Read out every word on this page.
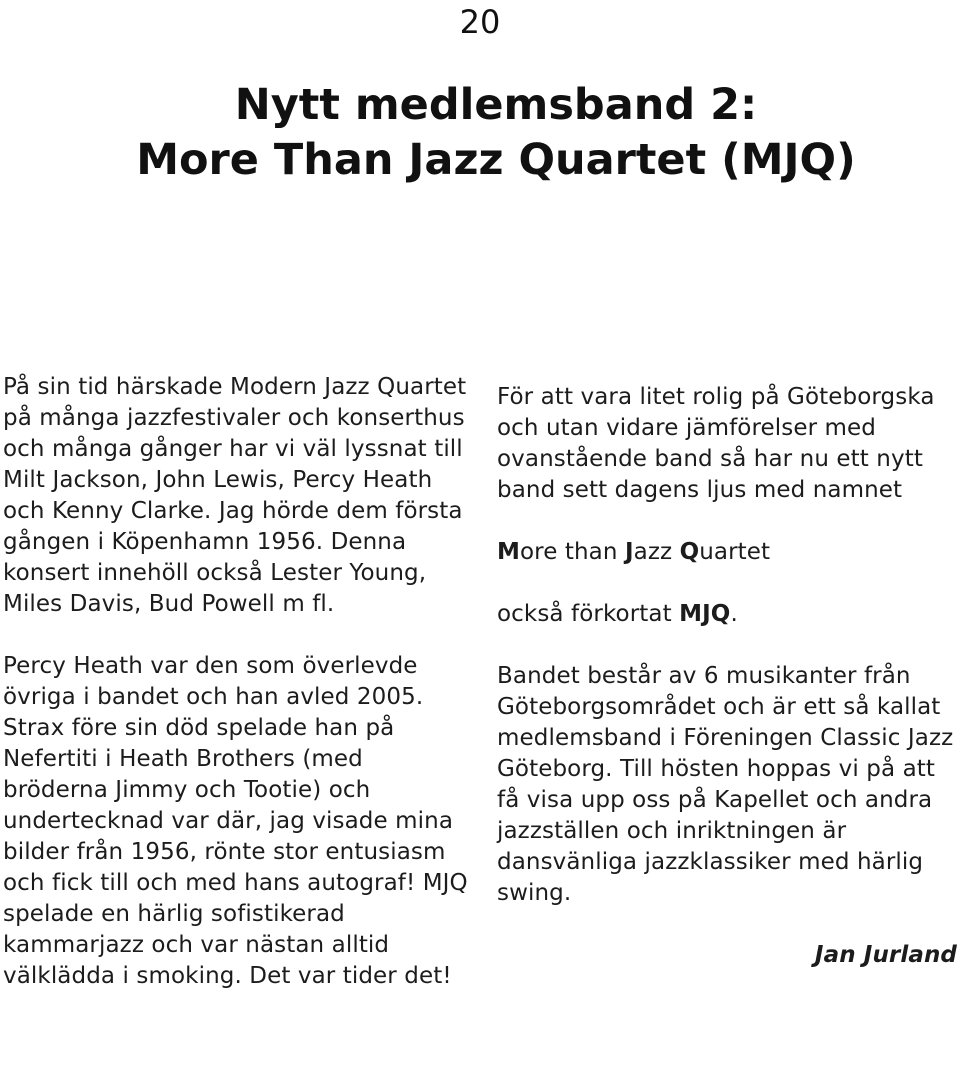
20
Nytt medlemsband 2:
More Than Jazz Quartet (MJQ)

På sin tid härskade Modern Jazz Quartet på många jazzfestivaler och konserthus och många gånger har vi väl lyssnat till Milt Jackson, John Lewis, Percy Heath och Kenny Clarke. Jag hörde dem första gången i Köpenhamn 1956. Denna konsert innehöll också Lester Young, Miles Davis, Bud Powell m fl.

Percy Heath var den som överlevde övriga i bandet och han avled 2005. Strax före sin död spelade han på Nefertiti i Heath Brothers (med bröderna Jimmy och Tootie) och undertecknad var där, jag visade mina bilder från 1956, rönte stor entusiasm och fick till och med hans autograf! MJQ spelade en härlig sofistikerad kammarjazz och var nästan alltid välklädda i smoking. Det var tider det!

För att vara litet rolig på Göteborgska och utan vidare jämförelser med ovanstående band så har nu ett nytt band sett dagens ljus med namnet

More than Jazz Quartet

också förkortat MJQ.

Bandet består av 6 musikanter från Göteborgsområdet och är ett så kallat medlemsband i Föreningen Classic Jazz Göteborg. Till hösten hoppas vi på att få visa upp oss på Kapellet och andra jazzställen och inriktningen är dansvänliga jazzklassiker med härlig swing.

Jan Jurland
